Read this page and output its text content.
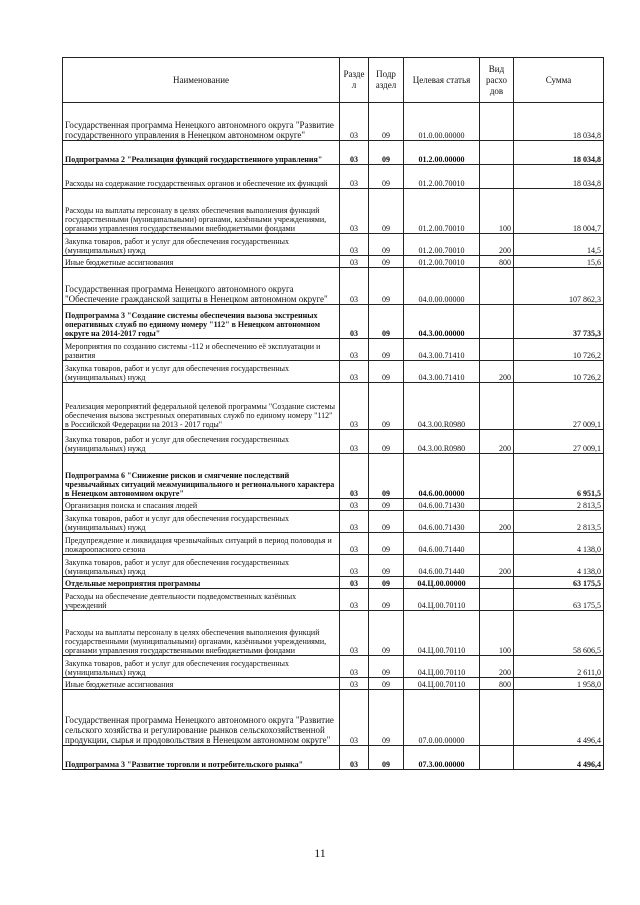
Наименование	Разде л	Подр аздел	Целевая статья	Вид расхо дов	Сумма
Государственная программа Ненецкого автономного округа "Развитие государственного управления в Ненецком автономном округе"	03	09	01.0.00.00000		18 034,8
Подпрограмма 2 "Реализация функций государственного управления"	03	09	01.2.00.00000		18 034,8
Расходы на содержание государственных органов и обеспечение их функций	03	09	01.2.00.70010		18 034,8
Расходы на выплаты персоналу в целях обеспечения выполнения функций государственными (муниципальными) органами, казёнными учреждениями, органами управления государственными внебюджетными фондами	03	09	01.2.00.70010	100	18 004,7
Закупка товаров, работ и услуг для обеспечения государственных (муниципальных) нужд	03	09	01.2.00.70010	200	14,5
Иные бюджетные ассигнования	03	09	01.2.00.70010	800	15,6
Государственная программа Ненецкого автономного округа "Обеспечение гражданской защиты в Ненецком автономном округе"	03	09	04.0.00.00000		107 862,3
Подпрограмма 3 "Создание системы обеспечения вызова экстренных оперативных служб по единому номеру "112" в Ненецком автономном округе на 2014-2017 годы"	03	09	04.3.00.00000		37 735,3
Мероприятия по созданию системы -112 и обеспечению её эксплуатации и развития	03	09	04.3.00.71410		10 726,2
Закупка товаров, работ и услуг для обеспечения государственных (муниципальных) нужд	03	09	04.3.00.71410	200	10 726,2
Реализация мероприятий федеральной целевой программы "Создание системы обеспечения вызова экстренных оперативных служб по единому номеру "112" в Российской Федерации на 2013 - 2017 годы"	03	09	04.3.00.R0980		27 009,1
Закупка товаров, работ и услуг для обеспечения государственных (муниципальных) нужд	03	09	04.3.00.R0980	200	27 009,1
Подпрограмма 6 "Снижение рисков и смягчение последствий чрезвычайных ситуаций межмуниципального и регионального характера в Ненецком автономном округе"	03	09	04.6.00.00000		6 951,5
Организация поиска и спасания людей	03	09	04.6.00.71430		2 813,5
Закупка товаров, работ и услуг для обеспечения государственных (муниципальных) нужд	03	09	04.6.00.71430	200	2 813,5
Предупреждение и ликвидация чрезвычайных ситуаций в период половодья и пожароопасного сезона	03	09	04.6.00.71440		4 138,0
Закупка товаров, работ и услуг для обеспечения государственных (муниципальных) нужд	03	09	04.6.00.71440	200	4 138,0
Отдельные мероприятия программы	03	09	04.Ц.00.00000		63 175,5
Расходы на обеспечение деятельности подведомственных казённых учреждений	03	09	04.Ц.00.70110		63 175,5
Расходы на выплаты персоналу в целях обеспечения выполнения функций государственными (муниципальными) органами, казёнными учреждениями, органами управления государственными внебюджетными фондами	03	09	04.Ц.00.70110	100	58 606,5
Закупка товаров, работ и услуг для обеспечения государственных (муниципальных) нужд	03	09	04.Ц.00.70110	200	2 611,0
Иные бюджетные ассигнования	03	09	04.Ц.00.70110	800	1 958,0
Государственная программа Ненецкого автономного округа "Развитие сельского хозяйства и регулирование рынков сельскохозяйственной продукции, сырья и продовольствия в Ненецком автономном округе"	03	09	07.0.00.00000		4 496,4
Подпрограмма 3 "Развитие торговли и потребительского рынка"	03	09	07.3.00.00000		4 496,4
11
